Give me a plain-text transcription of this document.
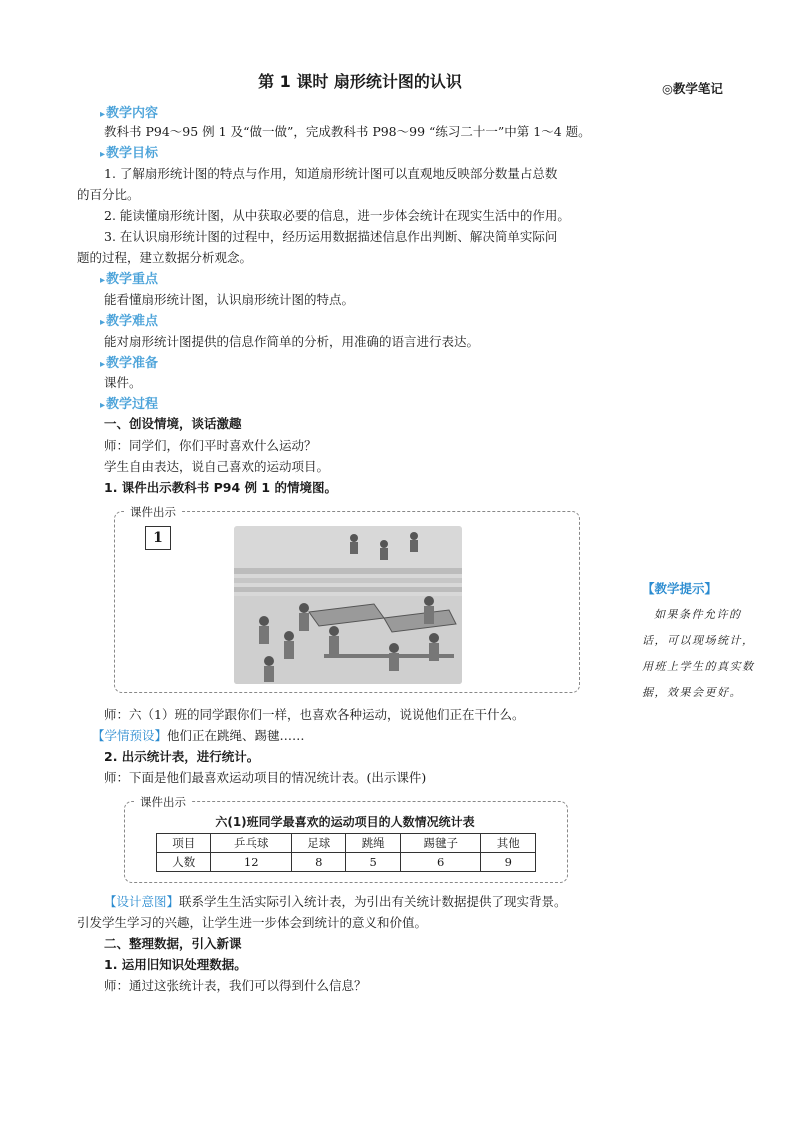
第 1 课时 扇形统计图的认识	◎教学笔记
▸ 教学内容
教科书 P94～95 例 1 及“做一做”，完成教科书 P98～99 “练习二十一”中第 1～4 题。
▸ 教学目标
1. 了解扇形统计图的特点与作用，知道扇形统计图可以直观地反映部分数量占总数
的百分比。
2. 能读懂扇形统计图，从中获取必要的信息，进一步体会统计在现实生活中的作用。
3. 在认识扇形统计图的过程中，经历运用数据描述信息作出判断、解决简单实际问
题的过程，建立数据分析观念。
▸ 教学重点
能看懂扇形统计图，认识扇形统计图的特点。
▸ 教学难点
能对扇形统计图提供的信息作简单的分析，用准确的语言进行表达。
▸ 教学准备
课件。
▸ 教学过程
一、创设情境，谈话激趣
师：同学们，你们平时喜欢什么运动？
学生自由表达，说自己喜欢的运动项目。
1. 课件出示教科书 P94 例 1 的情境图。
课件出示
1
师：六（1）班的同学跟你们一样，也喜欢各种运动，说说他们正在干什么。
【学情预设】他们正在跳绳、踢毽……
2. 出示统计表，进行统计。
师：下面是他们最喜欢运动项目的情况统计表。(出示课件)
课件出示
六(1)班同学最喜欢的运动项目的人数情况统计表
项目	乒乓球	足球	跳绳	踢毽子	其他
人数	12	8	5	6	9
【设计意图】联系学生生活实际引入统计表，为引出有关统计数据提供了现实背景。
引发学生学习的兴趣，让学生进一步体会到统计的意义和价值。
二、整理数据，引入新课
1. 运用旧知识处理数据。
师：通过这张统计表，我们可以得到什么信息？
【教学提示】
如果条件允许的
话，可以现场统计，
用班上学生的真实数
据，效果会更好。
